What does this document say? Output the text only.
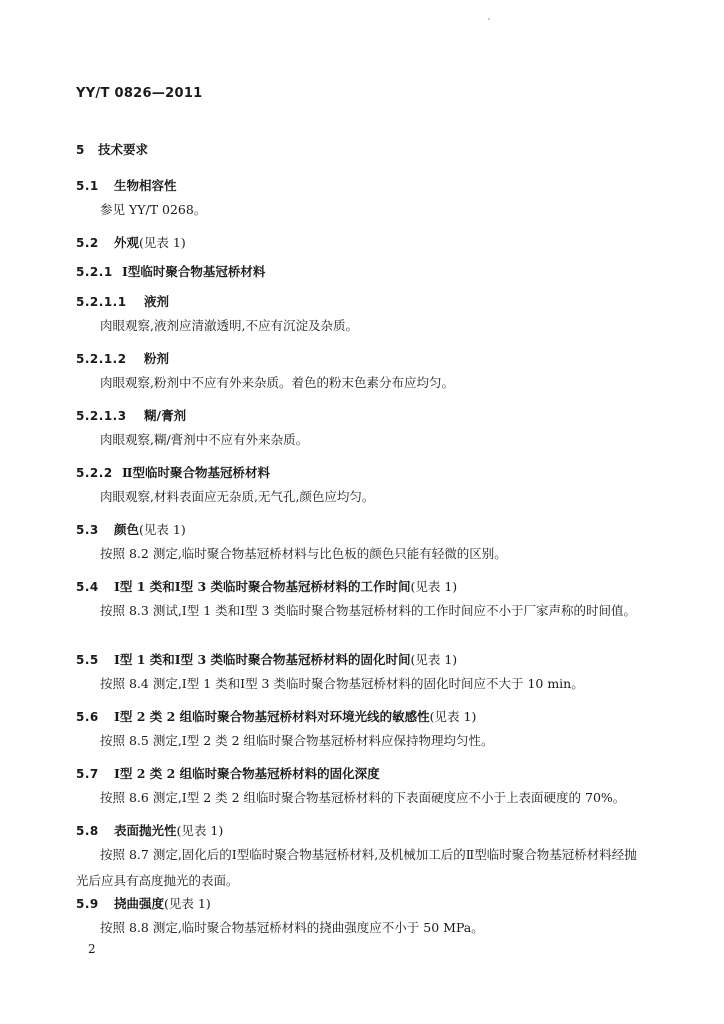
YY/T 0826—2011
5 技术要求
5.1 生物相容性
参见 YY/T 0268。
5.2 外观(见表 1)
5.2.1 Ⅰ型临时聚合物基冠桥材料
5.2.1.1 液剂
肉眼观察,液剂应清澈透明,不应有沉淀及杂质。
5.2.1.2 粉剂
肉眼观察,粉剂中不应有外来杂质。着色的粉末色素分布应均匀。
5.2.1.3 糊/膏剂
肉眼观察,糊/膏剂中不应有外来杂质。
5.2.2 Ⅱ型临时聚合物基冠桥材料
肉眼观察,材料表面应无杂质,无气孔,颜色应均匀。
5.3 颜色(见表 1)
按照 8.2 测定,临时聚合物基冠桥材料与比色板的颜色只能有轻微的区别。
5.4 Ⅰ型 1 类和Ⅰ型 3 类临时聚合物基冠桥材料的工作时间(见表 1)
按照 8.3 测试,Ⅰ型 1 类和Ⅰ型 3 类临时聚合物基冠桥材料的工作时间应不小于厂家声称的时间值。
5.5 Ⅰ型 1 类和Ⅰ型 3 类临时聚合物基冠桥材料的固化时间(见表 1)
按照 8.4 测定,Ⅰ型 1 类和Ⅰ型 3 类临时聚合物基冠桥材料的固化时间应不大于 10 min。
5.6 Ⅰ型 2 类 2 组临时聚合物基冠桥材料对环境光线的敏感性(见表 1)
按照 8.5 测定,Ⅰ型 2 类 2 组临时聚合物基冠桥材料应保持物理均匀性。
5.7 Ⅰ型 2 类 2 组临时聚合物基冠桥材料的固化深度
按照 8.6 测定,Ⅰ型 2 类 2 组临时聚合物基冠桥材料的下表面硬度应不小于上表面硬度的 70%。
5.8 表面抛光性(见表 1)
按照 8.7 测定,固化后的Ⅰ型临时聚合物基冠桥材料,及机械加工后的Ⅱ型临时聚合物基冠桥材料经抛光后应具有高度抛光的表面。
5.9 挠曲强度(见表 1)
按照 8.8 测定,临时聚合物基冠桥材料的挠曲强度应不小于 50 MPa。
2
